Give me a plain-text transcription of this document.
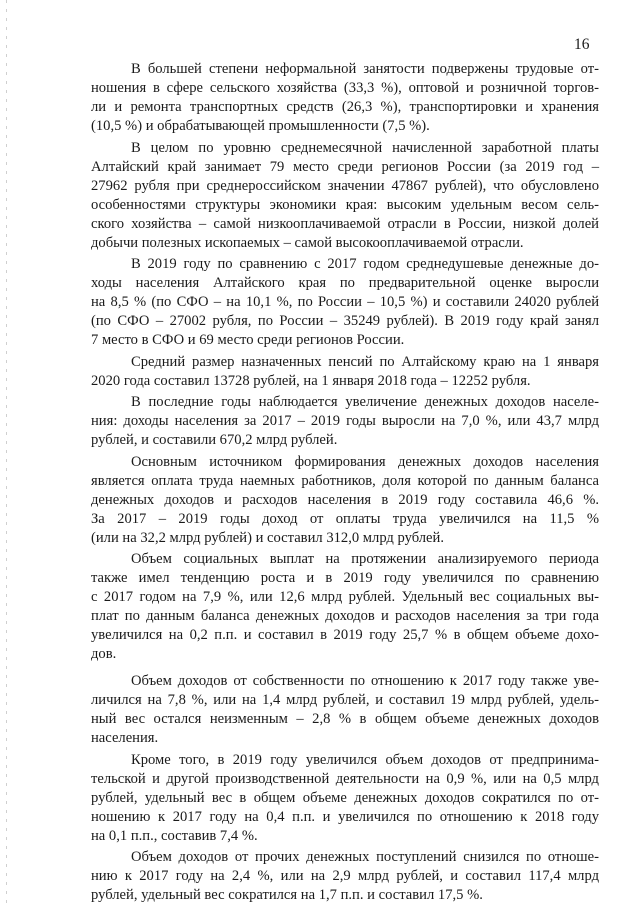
16
В большей степени неформальной занятости подвержены трудовые от-
ношения в сфере сельского хозяйства (33,3 %), оптовой и розничной торгов-
ли и ремонта транспортных средств (26,3 %), транспортировки и хранения
(10,5 %) и обрабатывающей промышленности (7,5 %).
В целом по уровню среднемесячной начисленной заработной платы
Алтайский край занимает 79 место среди регионов России (за 2019 год –
27962 рубля при среднероссийском значении 47867 рублей), что обусловлено
особенностями структуры экономики края: высоким удельным весом сель-
ского хозяйства – самой низкооплачиваемой отрасли в России, низкой долей
добычи полезных ископаемых – самой высокооплачиваемой отрасли.
В 2019 году по сравнению с 2017 годом среднедушевые денежные до-
ходы населения Алтайского края по предварительной оценке выросли
на 8,5 % (по СФО – на 10,1 %, по России – 10,5 %) и составили 24020 рублей
(по СФО – 27002 рубля, по России – 35249 рублей). В 2019 году край занял
7 место в СФО и 69 место среди регионов России.
Средний размер назначенных пенсий по Алтайскому краю на 1 января
2020 года составил 13728 рублей, на 1 января 2018 года – 12252 рубля.
В последние годы наблюдается увеличение денежных доходов населе-
ния: доходы населения за 2017 – 2019 годы выросли на 7,0 %, или 43,7 млрд
рублей, и составили 670,2 млрд рублей.
Основным источником формирования денежных доходов населения
является оплата труда наемных работников, доля которой по данным баланса
денежных доходов и расходов населения в 2019 году составила 46,6 %.
За 2017 – 2019 годы доход от оплаты труда увеличился на 11,5 %
(или на 32,2 млрд рублей) и составил 312,0 млрд рублей.
Объем социальных выплат на протяжении анализируемого периода
также имел тенденцию роста и в 2019 году увеличился по сравнению
с 2017 годом на 7,9 %, или 12,6 млрд рублей. Удельный вес социальных вы-
плат по данным баланса денежных доходов и расходов населения за три года
увеличился на 0,2 п.п. и составил в 2019 году 25,7 % в общем объеме дохо-
дов.
Объем доходов от собственности по отношению к 2017 году также уве-
личился на 7,8 %, или на 1,4 млрд рублей, и составил 19 млрд рублей, удель-
ный вес остался неизменным – 2,8 % в общем объеме денежных доходов
населения.
Кроме того, в 2019 году увеличился объем доходов от предпринима-
тельской и другой производственной деятельности на 0,9 %, или на 0,5 млрд
рублей, удельный вес в общем объеме денежных доходов сократился по от-
ношению к 2017 году на 0,4 п.п. и увеличился по отношению к 2018 году
на 0,1 п.п., составив 7,4 %.
Объем доходов от прочих денежных поступлений снизился по отноше-
нию к 2017 году на 2,4 %, или на 2,9 млрд рублей, и составил 117,4 млрд
рублей, удельный вес сократился на 1,7 п.п. и составил 17,5 %.
